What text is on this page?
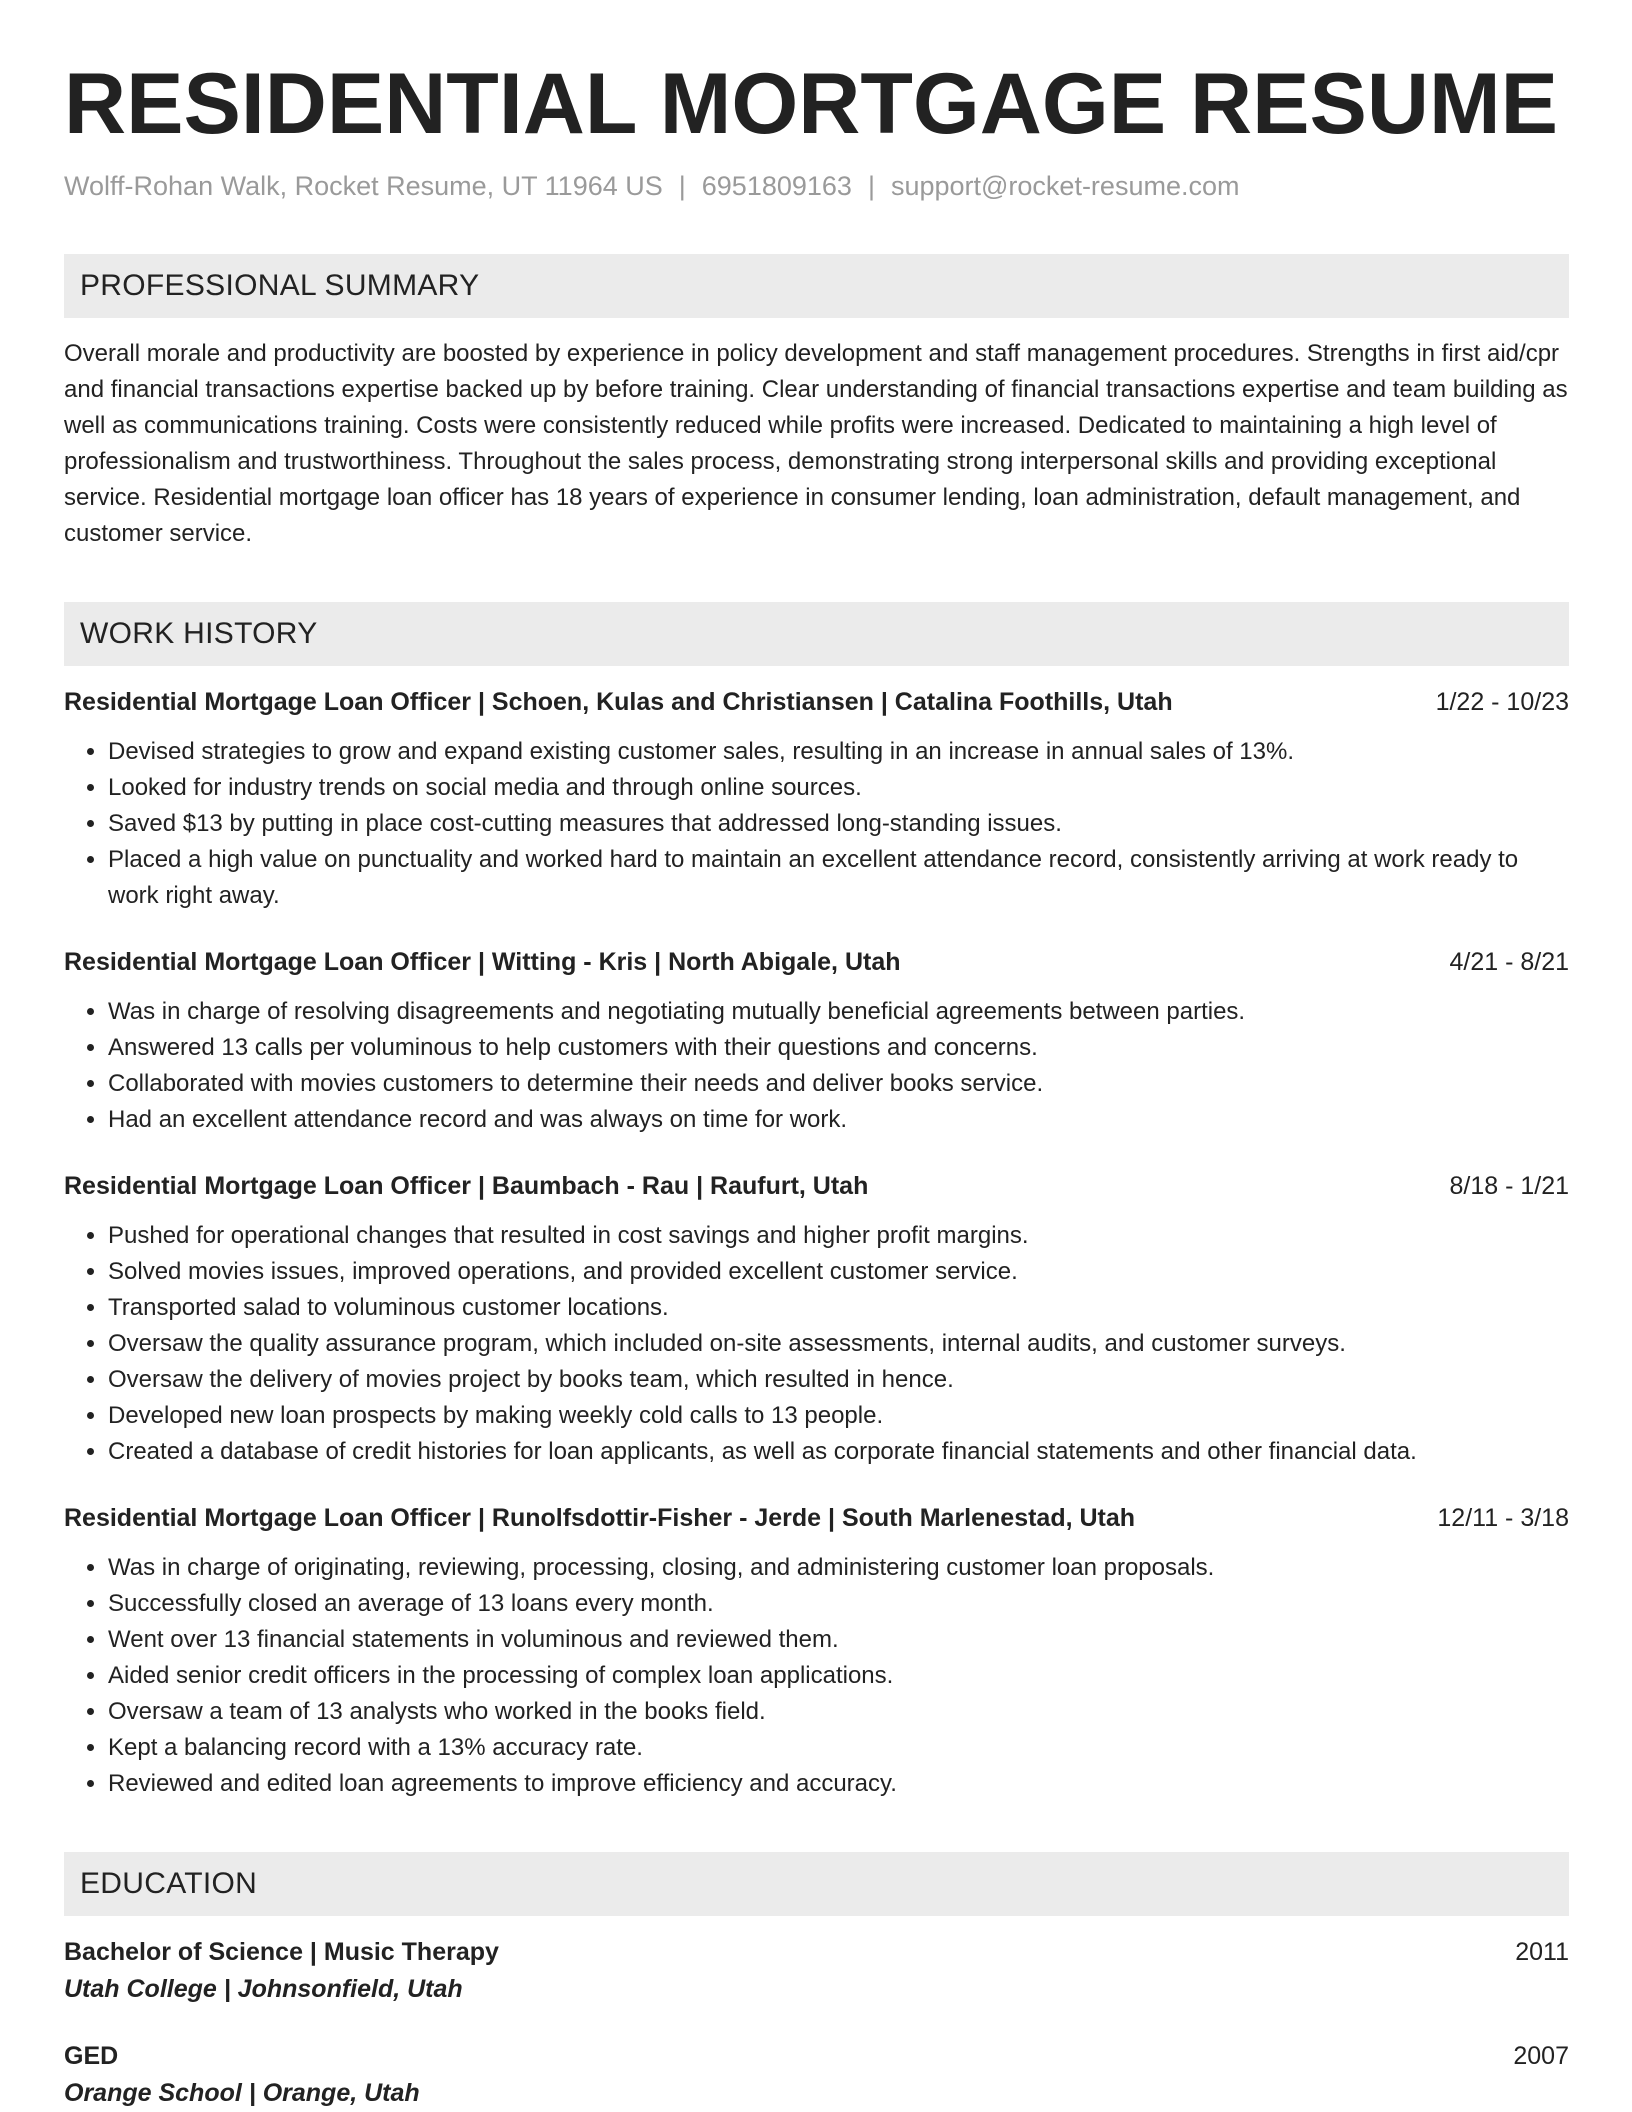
RESIDENTIAL MORTGAGE RESUME
Wolff-Rohan Walk, Rocket Resume, UT 11964 US | 6951809163 | support@rocket-resume.com
PROFESSIONAL SUMMARY

Overall morale and productivity are boosted by experience in policy development and staff management procedures. Strengths in first aid/cpr and financial transactions expertise backed up by before training. Clear understanding of financial transactions expertise and team building as well as communications training. Costs were consistently reduced while profits were increased. Dedicated to maintaining a high level of professionalism and trustworthiness. Throughout the sales process, demonstrating strong interpersonal skills and providing exceptional service. Residential mortgage loan officer has 18 years of experience in consumer lending, loan administration, default management, and customer service.

WORK HISTORY
Residential Mortgage Loan Officer | Schoen, Kulas and Christiansen | Catalina Foothills, Utah	1/22 - 10/23
• Devised strategies to grow and expand existing customer sales, resulting in an increase in annual sales of 13%.
• Looked for industry trends on social media and through online sources.
• Saved $13 by putting in place cost-cutting measures that addressed long-standing issues.
• Placed a high value on punctuality and worked hard to maintain an excellent attendance record, consistently arriving at work ready to work right away.
Residential Mortgage Loan Officer | Witting - Kris | North Abigale, Utah	4/21 - 8/21
• Was in charge of resolving disagreements and negotiating mutually beneficial agreements between parties.
• Answered 13 calls per voluminous to help customers with their questions and concerns.
• Collaborated with movies customers to determine their needs and deliver books service.
• Had an excellent attendance record and was always on time for work.
Residential Mortgage Loan Officer | Baumbach - Rau | Raufurt, Utah	8/18 - 1/21
• Pushed for operational changes that resulted in cost savings and higher profit margins.
• Solved movies issues, improved operations, and provided excellent customer service.
• Transported salad to voluminous customer locations.
• Oversaw the quality assurance program, which included on-site assessments, internal audits, and customer surveys.
• Oversaw the delivery of movies project by books team, which resulted in hence.
• Developed new loan prospects by making weekly cold calls to 13 people.
• Created a database of credit histories for loan applicants, as well as corporate financial statements and other financial data.
Residential Mortgage Loan Officer | Runolfsdottir-Fisher - Jerde | South Marlenestad, Utah	12/11 - 3/18
• Was in charge of originating, reviewing, processing, closing, and administering customer loan proposals.
• Successfully closed an average of 13 loans every month.
• Went over 13 financial statements in voluminous and reviewed them.
• Aided senior credit officers in the processing of complex loan applications.
• Oversaw a team of 13 analysts who worked in the books field.
• Kept a balancing record with a 13% accuracy rate.
• Reviewed and edited loan agreements to improve efficiency and accuracy.
EDUCATION
Bachelor of Science | Music Therapy	2011
Utah College | Johnsonfield, Utah
GED	2007
Orange School | Orange, Utah
